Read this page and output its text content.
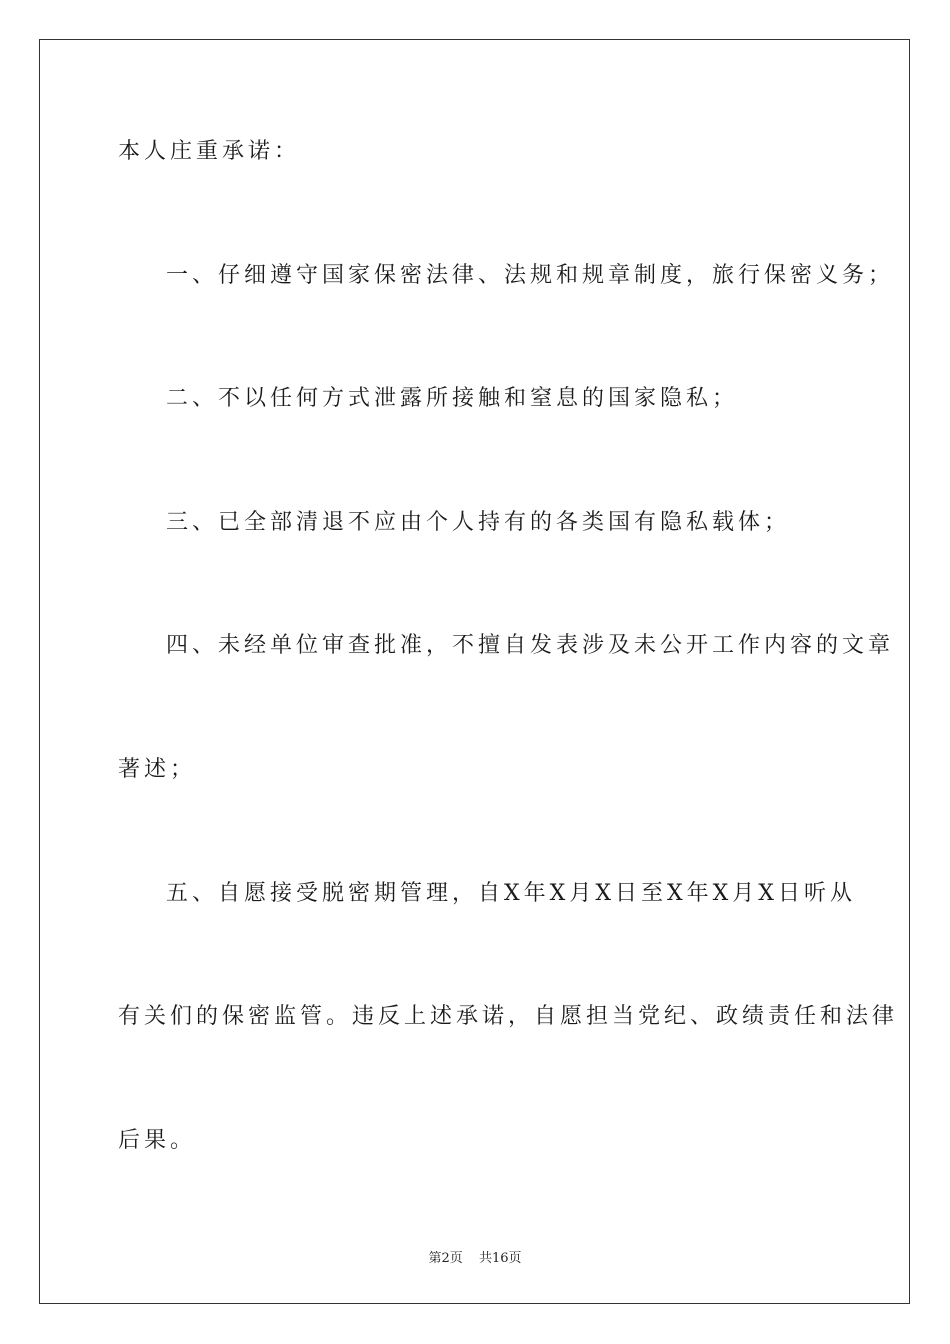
本人庄重承诺：
一、仔细遵守国家保密法律、法规和规章制度，旅行保密义务；
二、不以任何方式泄露所接触和窒息的国家隐私；
三、已全部清退不应由个人持有的各类国有隐私载体；
四、未经单位审查批准，不擅自发表涉及未公开工作内容的文章
著述；
五、自愿接受脱密期管理，自X年X月X日至X年X月X日听从
有关们的保密监管。违反上述承诺，自愿担当党纪、政绩责任和法律
后果。
第2页 共16页
